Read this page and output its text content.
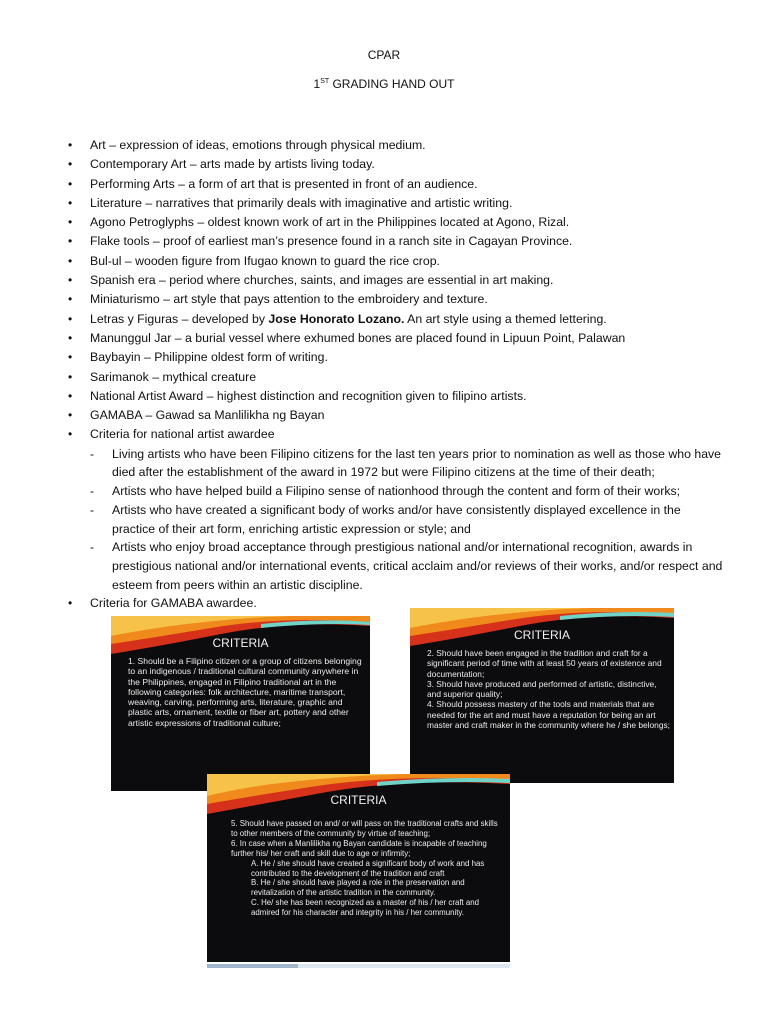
CPAR
1ST GRADING HAND OUT
• Art – expression of ideas, emotions through physical medium.
• Contemporary Art – arts made by artists living today.
• Performing Arts – a form of art that is presented in front of an audience.
• Literature – narratives that primarily deals with imaginative and artistic writing.
• Agono Petroglyphs – oldest known work of art in the Philippines located at Agono, Rizal.
• Flake tools – proof of earliest man’s presence found in a ranch site in Cagayan Province.
• Bul-ul – wooden figure from Ifugao known to guard the rice crop.
• Spanish era – period where churches, saints, and images are essential in art making.
• Miniaturismo – art style that pays attention to the embroidery and texture.
• Letras y Figuras – developed by Jose Honorato Lozano. An art style using a themed lettering.
• Manunggul Jar – a burial vessel where exhumed bones are placed found in Lipuun Point, Palawan
• Baybayin – Philippine oldest form of writing.
• Sarimanok – mythical creature
• National Artist Award – highest distinction and recognition given to filipino artists.
• GAMABA – Gawad sa Manlilikha ng Bayan
• Criteria for national artist awardee
- Living artists who have been Filipino citizens for the last ten years prior to nomination as well as those who have died after the establishment of the award in 1972 but were Filipino citizens at the time of their death;
- Artists who have helped build a Filipino sense of nationhood through the content and form of their works;
- Artists who have created a significant body of works and/or have consistently displayed excellence in the practice of their art form, enriching artistic expression or style; and
- Artists who enjoy broad acceptance through prestigious national and/or international recognition, awards in prestigious national and/or international events, critical acclaim and/or reviews of their works, and/or respect and esteem from peers within an artistic discipline.
• Criteria for GAMABA awardee.
CRITERIA

1. Should be a Filipino citizen or a group of citizens belonging to an indigenous / traditional cultural community anywhere in the Philippines, engaged in Filipino traditional art in the following categories: folk architecture, maritime transport, weaving, carving, performing arts, literature, graphic and plastic arts, ornament, textile or fiber art, pottery and other artistic expressions of traditional culture;

CRITERIA

2. Should have been engaged in the tradition and craft for a significant period of time with at least 50 years of existence and documentation;

3. Should have produced and performed of artistic, distinctive, and superior quality;

4. Should possess mastery of the tools and materials that are needed for the art and must have a reputation for being an art master and craft maker in the community where he / she belongs;

CRITERIA

5. Should have passed on and/ or will pass on the traditional crafts and skills to other members of the community by virtue of teaching;

6. In case when a Manlilikha ng Bayan candidate is incapable of teaching further his/ her craft and skill due to age or infirmity;

A. He / she should have created a significant body of work and has contributed to the development of the tradition and craft

B. He / she should have played a role in the preservation and revitalization of the artistic tradition in the community.

C. He/ she has been recognized as a master of his / her craft and admired for his character and integrity in his / her community.
